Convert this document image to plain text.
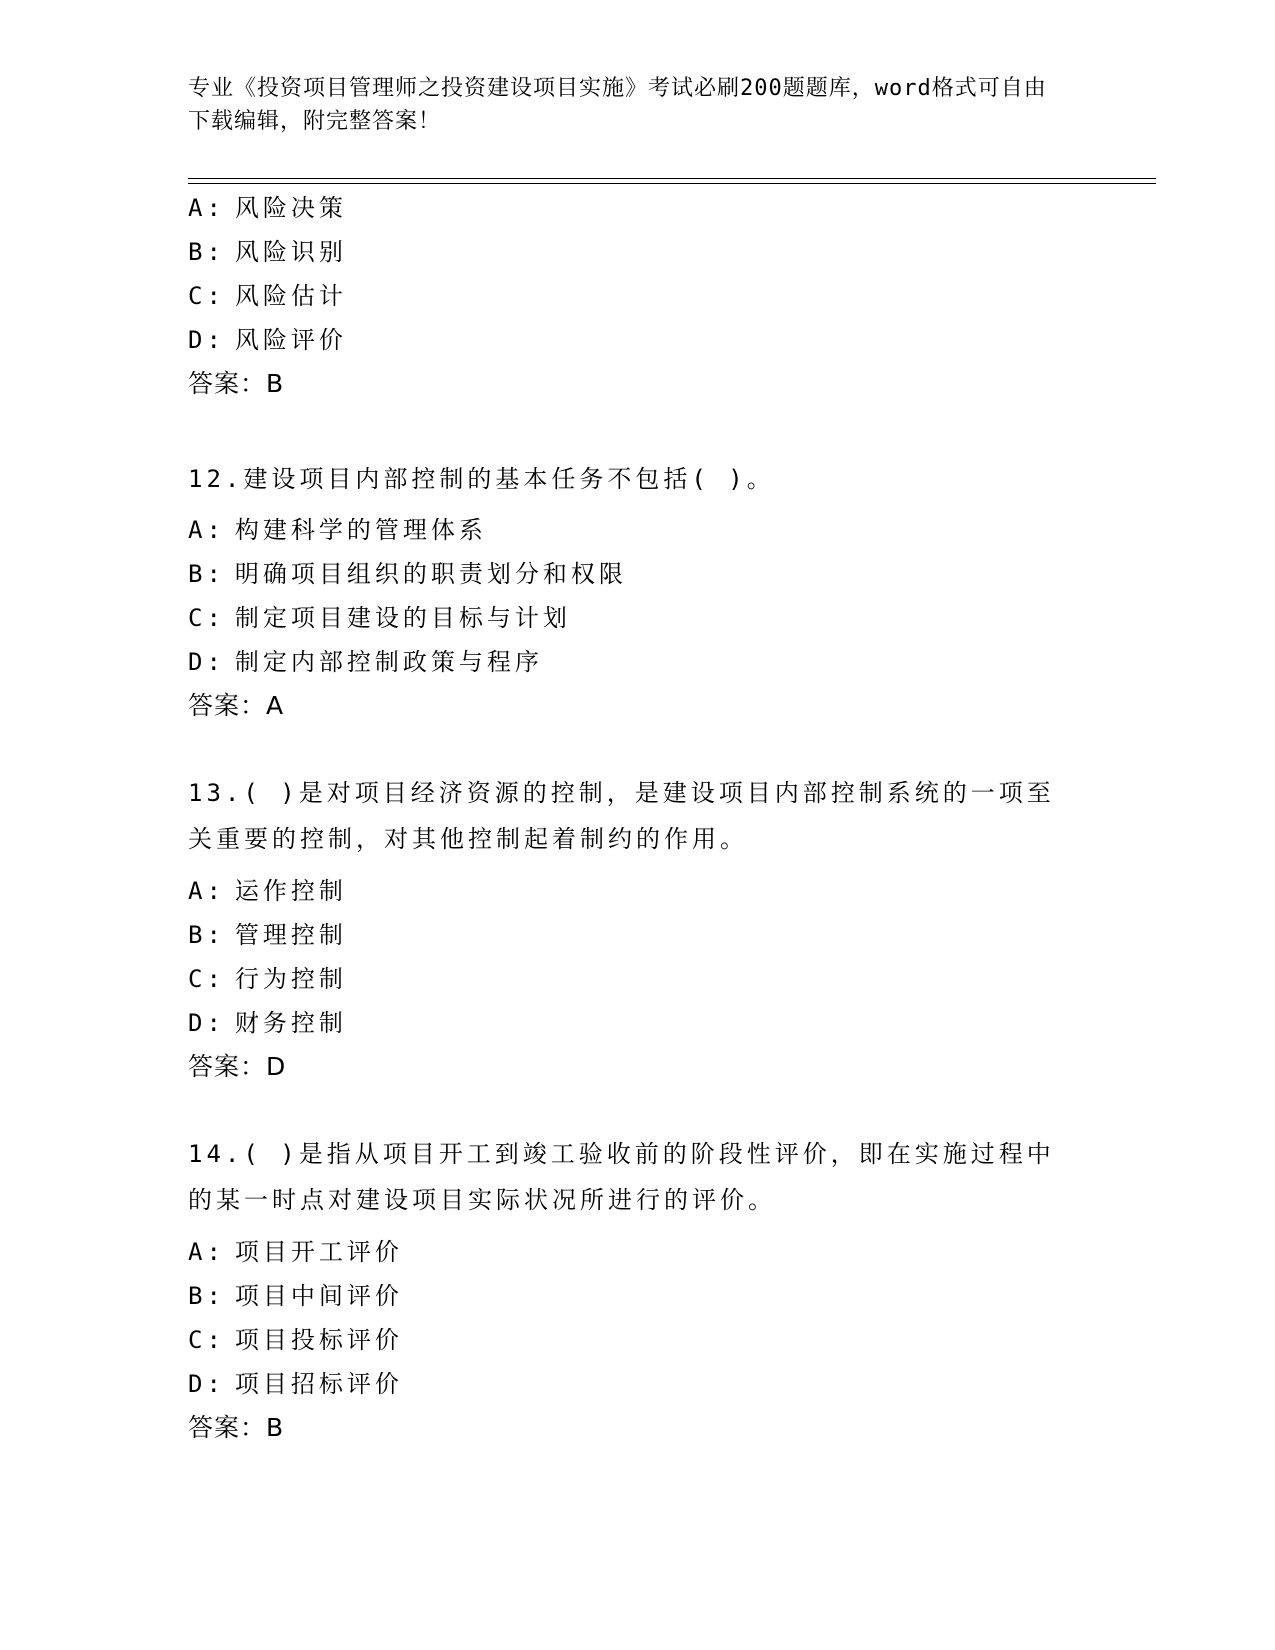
专业《投资项目管理师之投资建设项目实施》考试必刷200题题库，word格式可自由下载编辑，附完整答案！
A: 风险决策
B: 风险识别
C: 风险估计
D: 风险评价
答案：B
12.建设项目内部控制的基本任务不包括( )。
A: 构建科学的管理体系
B: 明确项目组织的职责划分和权限
C: 制定项目建设的目标与计划
D: 制定内部控制政策与程序
答案：A
13.( )是对项目经济资源的控制，是建设项目内部控制系统的一项至关重要的控制，对其他控制起着制约的作用。
A: 运作控制
B: 管理控制
C: 行为控制
D: 财务控制
答案：D
14.( )是指从项目开工到竣工验收前的阶段性评价，即在实施过程中的某一时点对建设项目实际状况所进行的评价。
A: 项目开工评价
B: 项目中间评价
C: 项目投标评价
D: 项目招标评价
答案：B
